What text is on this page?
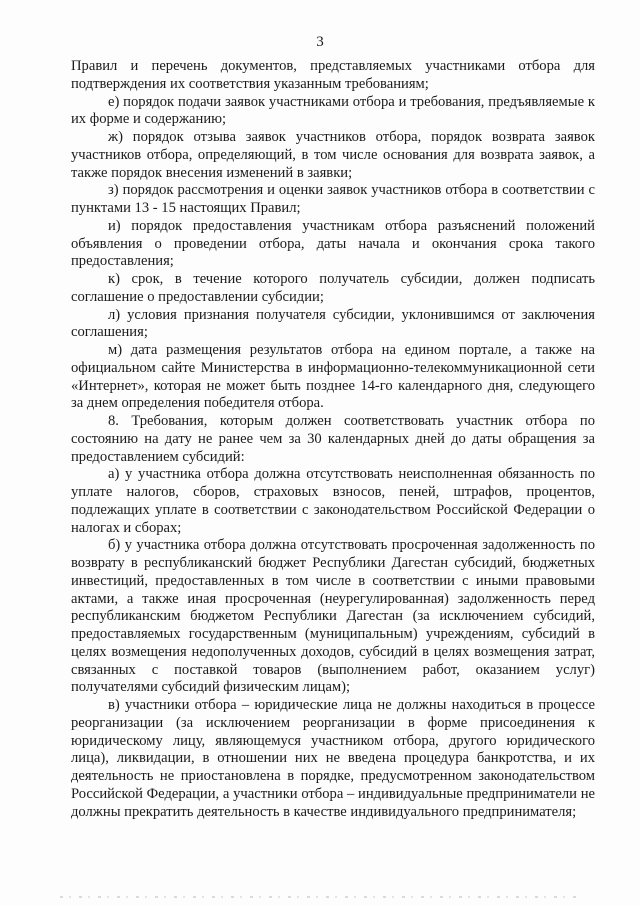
3

Правил и перечень документов, представляемых участниками отбора для подтверждения их соответствия указанным требованиям;

е) порядок подачи заявок участниками отбора и требования, предъявляемые к их форме и содержанию;

ж) порядок отзыва заявок участников отбора, порядок возврата заявок участников отбора, определяющий, в том числе основания для возврата заявок, а также порядок внесения изменений в заявки;

з) порядок рассмотрения и оценки заявок участников отбора в соответствии с пунктами 13 - 15 настоящих Правил;

и) порядок предоставления участникам отбора разъяснений положений объявления о проведении отбора, даты начала и окончания срока такого предоставления;

к) срок, в течение которого получатель субсидии, должен подписать соглашение о предоставлении субсидии;

л) условия признания получателя субсидии, уклонившимся от заключения соглашения;

м) дата размещения результатов отбора на едином портале, а также на официальном сайте Министерства в информационно-телекоммуникационной сети «Интернет», которая не может быть позднее 14-го календарного дня, следующего за днем определения победителя отбора.

8. Требования, которым должен соответствовать участник отбора по состоянию на дату не ранее чем за 30 календарных дней до даты обращения за предоставлением субсидий:

а) у участника отбора должна отсутствовать неисполненная обязанность по уплате налогов, сборов, страховых взносов, пеней, штрафов, процентов, подлежащих уплате в соответствии с законодательством Российской Федерации о налогах и сборах;

б) у участника отбора должна отсутствовать просроченная задолженность по возврату в республиканский бюджет Республики Дагестан субсидий, бюджетных инвестиций, предоставленных в том числе в соответствии с иными правовыми актами, а также иная просроченная (неурегулированная) задолженность перед республиканским бюджетом Республики Дагестан (за исключением субсидий, предоставляемых государственным (муниципальным) учреждениям, субсидий в целях возмещения недополученных доходов, субсидий в целях возмещения затрат, связанных с поставкой товаров (выполнением работ, оказанием услуг) получателями субсидий физическим лицам);

в) участники отбора – юридические лица не должны находиться в процессе реорганизации (за исключением реорганизации в форме присоединения к юридическому лицу, являющемуся участником отбора, другого юридического лица), ликвидации, в отношении них не введена процедура банкротства, и их деятельность не приостановлена в порядке, предусмотренном законодательством Российской Федерации, а участники отбора – индивидуальные предприниматели не должны прекратить деятельность в качестве индивидуального предпринимателя;
